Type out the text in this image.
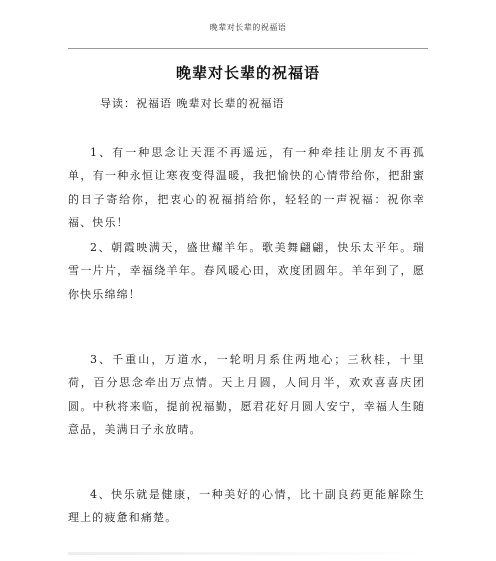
晚辈对长辈的祝福语
晚辈对长辈的祝福语
导读：祝福语 晚辈对长辈的祝福语

1、有一种思念让天涯不再遥远，有一种牵挂让朋友不再孤单，有一种永恒让寒夜变得温暖，我把愉快的心情带给你，把甜蜜的日子寄给你，把衷心的祝福捎给你，轻轻的一声祝福：祝你幸福、快乐！

2、朝霞映满天，盛世耀羊年。歌美舞翩翩，快乐太平年。瑞雪一片片，幸福绕羊年。春风暖心田，欢度团圆年。羊年到了，愿你快乐绵绵！

3、千重山，万道水，一轮明月系住两地心；三秋桂，十里荷，百分思念牵出万点情。天上月圆，人间月半，欢欢喜喜庆团圆。中秋将来临，提前祝福勤，愿君花好月圆人安宁，幸福人生随意品，美满日子永放晴。

4、快乐就是健康，一种美好的心情，比十副良药更能解除生理上的疲惫和痛楚。
